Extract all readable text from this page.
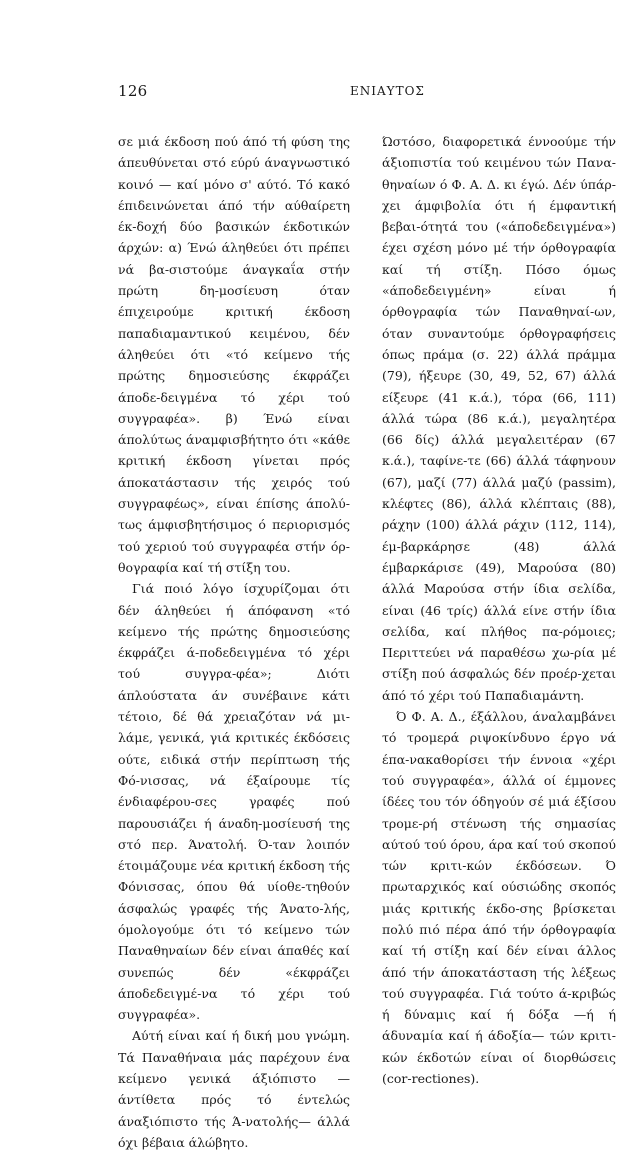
126	ΕΝΙΑΥΤΟΣ

σε μιά έκδοση πού άπό τή φύση της άπευθύνεται στό εύρύ άναγνωστικό κοινό — καί μόνο σ' αύτό. Τό κακό έπιδεινώνεται άπό τήν αύθαίρετη έκ-δοχή δύο βασικών έκδοτικών άρχών: α) Ένώ άληθεύει ότι πρέπει νά βα-σιστούμε άναγκαΐα στήν πρώτη δη-μοσίευση όταν έπιχειρούμε κριτική έκδοση παπαδιαμαντικού κειμένου, δέν άληθεύει ότι «τό κείμενο τής πρώτης δημοσιεύσης έκφράζει άποδε-δειγμένα τό χέρι τού συγγραφέα». β) Ένώ είναι άπολύτως άναμφισβήτητο ότι «κάθε κριτική έκδοση γίνεται πρός άποκατάστασιν τής χειρός τού συγγραφέως», είναι έπίσης άπολύ-τως άμφισβητήσιμος ό περιορισμός τού χεριού τού συγγραφέα στήν όρ-θογραφία καί τή στίξη του.

Γιά ποιό λόγο ίσχυρίζομαι ότι δέν άληθεύει ή άπόφανση «τό κείμενο τής πρώτης δημοσιεύσης έκφράζει ά-ποδεδειγμένα τό χέρι τού συγγρα-φέα»; Διότι άπλούστατα άν συνέβαινε κάτι τέτοιο, δέ θά χρειαζόταν νά μι-λάμε, γενικά, γιά κριτικές έκδόσεις ούτε, ειδικά στήν περίπτωση τής Φό-νισσας, νά έξαίρουμε τίς ένδιαφέρου-σες γραφές πού παρουσιάζει ή άναδη-μοσίευσή της στό περ. Άνατολή. Ό-ταν λοιπόν έτοιμάζουμε νέα κριτική έκδοση τής Φόνισσας, όπου θά υίοθε-τηθούν άσφαλώς γραφές τής Άνατο-λής, όμολογούμε ότι τό κείμενο τών Παναθηναίων δέν είναι άπαθές καί συνεπώς δέν «έκφράζει άποδεδειγμέ-να τό χέρι τού συγγραφέα».

Αύτή είναι καί ή δική μου γνώμη. Τά Παναθήναια μάς παρέχουν ένα κείμενο γενικά άξιόπιστο —άντίθετα πρός τό έντελώς άναξιόπιστο τής Ά-νατολής— άλλά όχι βέβαια άλώβητο.

Ώστόσο, διαφορετικά έννοούμε τήν άξιοπιστία τού κειμένου τών Πανα-θηναίων ό Φ. Α. Δ. κι έγώ. Δέν ύπάρ-χει άμφιβολία ότι ή έμφαντική βεβαι-ότητά του («άποδεδειγμένα») έχει σχέση μόνο μέ τήν όρθογραφία καί τή στίξη. Πόσο όμως «άποδεδειγμένη» είναι ή όρθογραφία τών Παναθηναί-ων, όταν συναντούμε όρθογραφήσεις όπως πράμα (σ. 22) άλλά πράμμα (79), ήξευρε (30, 49, 52, 67) άλλά είξευρε (41 κ.ά.), τόρα (66, 111) άλλά τώρα (86 κ.ά.), μεγαλητέρα (66 δίς) άλλά μεγαλειτέραν (67 κ.ά.), ταφίνε-τε (66) άλλά τάφηνουν (67), μαζί (77) άλλά μαζύ (passim), κλέφτες (86), άλλά κλέπταις (88), ράχην (100) άλλά ράχιν (112, 114), έμ-βαρκάρησε (48) άλλά έμβαρκάρισε (49), Μαρούσα (80) άλλά Μαρούσα στήν ίδια σελίδα, είναι (46 τρίς) άλλά είνε στήν ίδια σελίδα, καί πλήθος πα-ρόμοιες; Περιττεύει νά παραθέσω χω-ρία μέ στίξη πού άσφαλώς δέν προέρ-χεται άπό τό χέρι τού Παπαδιαμάντη.

Ό Φ. Α. Δ., έξάλλου, άναλαμβάνει τό τρομερά ριψοκίνδυνο έργο νά έπα-νακαθορίσει τήν έννοια «χέρι τού συγγραφέα», άλλά οί έμμονες ίδέες του τόν όδηγούν σέ μιά έξίσου τρομε-ρή στένωση τής σημασίας αύτού τού όρου, άρα καί τού σκοπού τών κριτι-κών έκδόσεων. Ό πρωταρχικός καί ούσιώδης σκοπός μιάς κριτικής έκδο-σης βρίσκεται πολύ πιό πέρα άπό τήν όρθογραφία καί τή στίξη καί δέν είναι άλλος άπό τήν άποκατάσταση τής λέξεως τού συγγραφέα. Γιά τούτο ά-κριβώς ή δύναμις καί ή δόξα —ή ή άδυναμία καί ή άδοξία— τών κριτι-κών έκδοτών είναι οί διορθώσεις (cor-rectiones).
